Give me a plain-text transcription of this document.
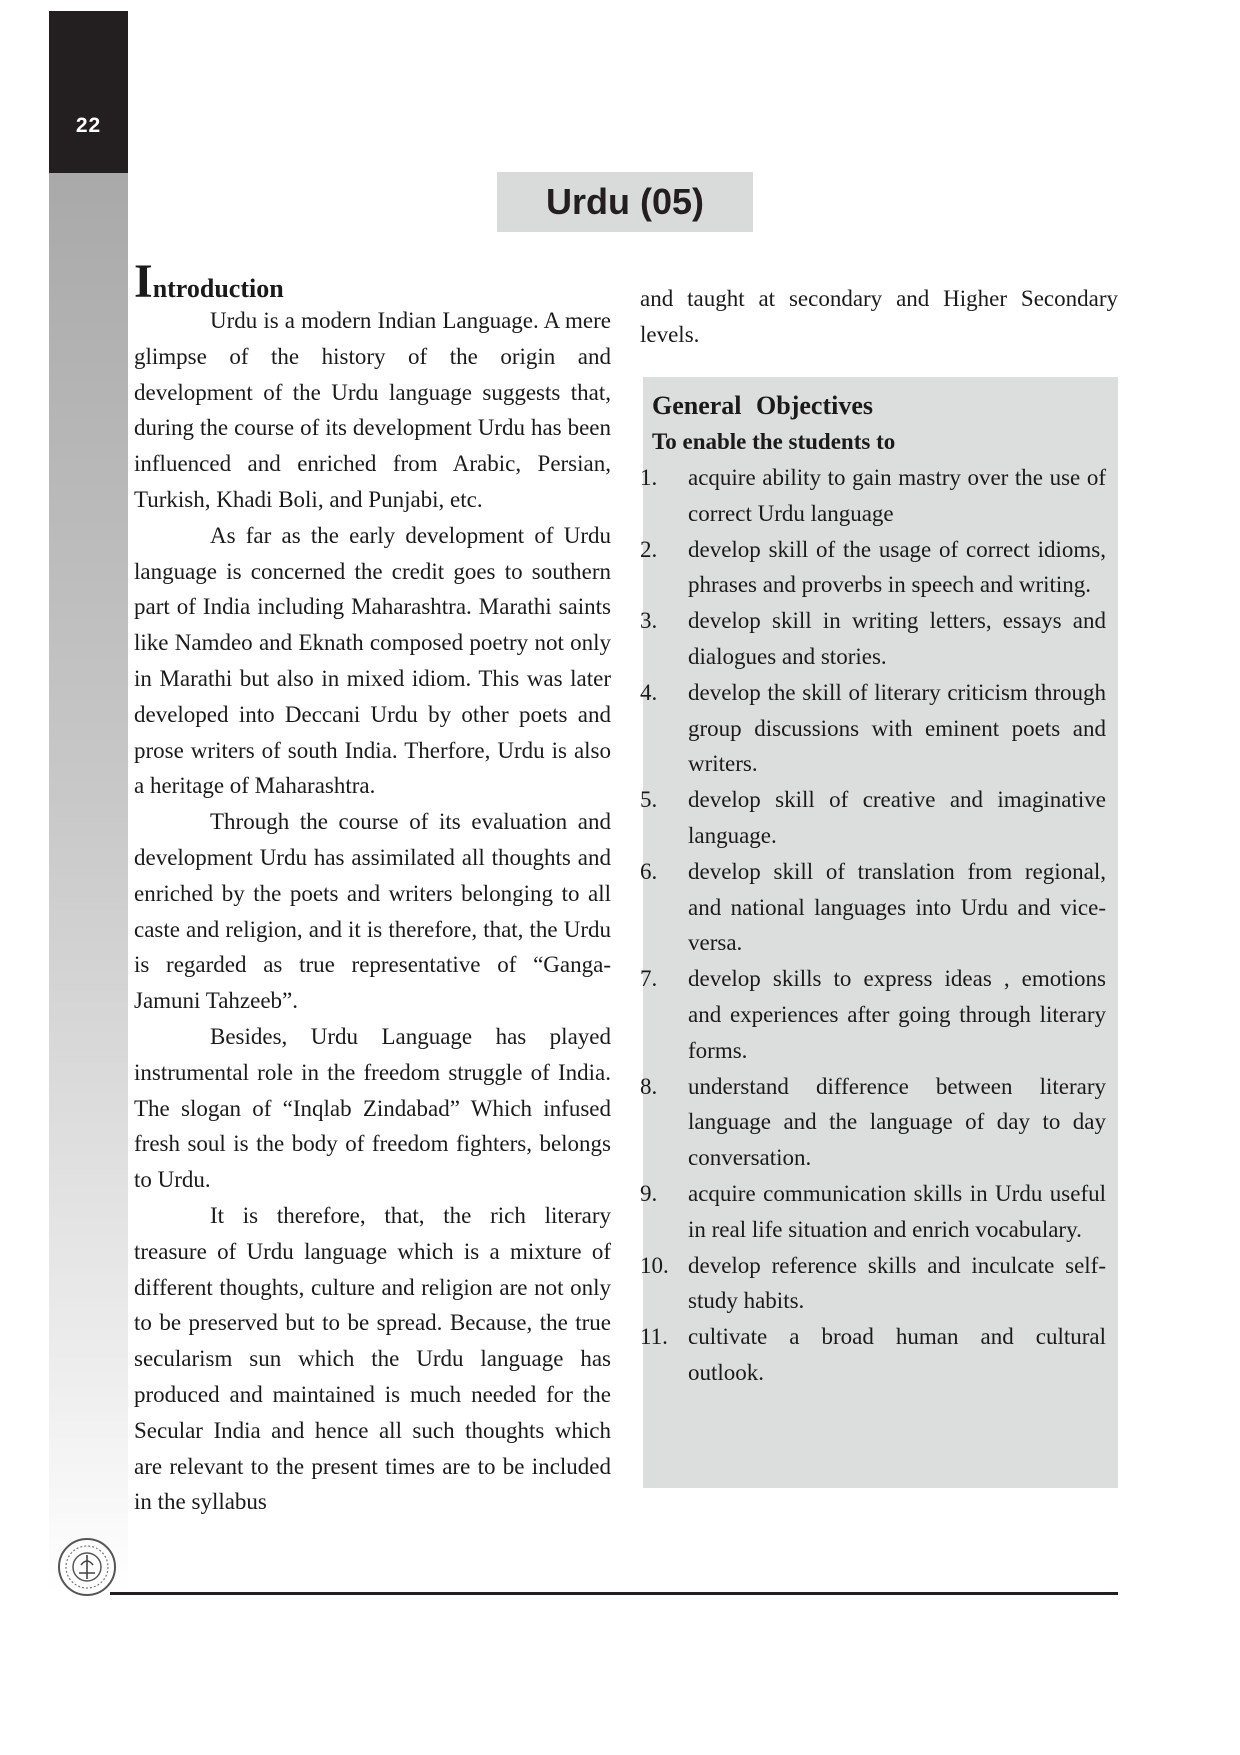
22
Urdu (05)
Introduction

Urdu is a modern Indian Language. A mere glimpse of the history of the origin and development of the Urdu language suggests that, during the course of its development Urdu has been influenced and enriched from Arabic, Persian, Turkish, Khadi Boli, and Punjabi, etc.

As far as the early development of Urdu language is concerned the credit goes to southern part of India including Maharashtra. Marathi saints like Namdeo and Eknath composed poetry not only in Marathi but also in mixed idiom. This was later developed into Deccani Urdu by other poets and prose writers of south India. Therfore, Urdu is also a heritage of Maharashtra.

Through the course of its evaluation and development Urdu has assimilated all thoughts and enriched by the poets and writers belonging to all caste and religion, and it is therefore, that, the Urdu is regarded as true representative of “Ganga-Jamuni Tahzeeb”.

Besides, Urdu Language has played instrumental role in the freedom struggle of India. The slogan of “Inqlab Zindabad” Which infused fresh soul is the body of freedom fighters, belongs to Urdu.

It is therefore, that, the rich literary treasure of Urdu language which is a mixture of different thoughts, culture and religion are not only to be preserved but to be spread. Because, the true secularism sun which the Urdu language has produced and maintained is much needed for the Secular India and hence all such thoughts which are relevant to the present times are to be included in the syllabus

and taught at secondary and Higher Secondary levels.
General Objectives
To enable the students to
1.	acquire ability to gain mastry over the use of correct Urdu language
2.	develop skill of the usage of correct idioms, phrases and proverbs in speech and writing.
3.	develop skill in writing letters, essays and dialogues and stories.
4.	develop the skill of literary criticism through group discussions with eminent poets and writers.
5.	develop skill of creative and imaginative language.
6.	develop skill of translation from regional, and national languages into Urdu and vice-versa.
7.	develop skills to express ideas , emotions and experiences after going through literary forms.
8.	understand difference between literary language and the language of day to day conversation.
9.	acquire communication skills in Urdu useful in real life situation and enrich vocabulary.
10. develop reference skills and inculcate self-study habits.
11. cultivate a broad human and cultural outlook.
